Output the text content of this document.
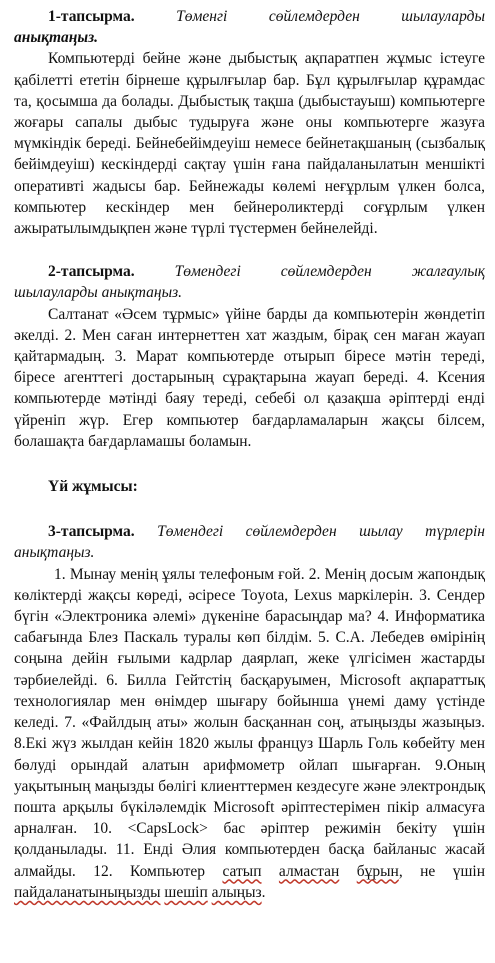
1-тапсырма.	Төменгі сөйлемдерден шылауларды
анықтаңыз.

Компьютерді бейне және дыбыстық ақпаратпен жұмыс істеуге қабілетті ететін бірнеше құрылғылар бар. Бұл құрылғылар құрамдас та, қосымша да болады. Дыбыстық тақша (дыбыстауыш) компьютерге жоғары сапалы дыбыс тудыруға және оны компьютерге жазуға мүмкіндік береді. Бейнебейімдеуіш немесе бейнетақшаның (сызбалық бейімдеуіш) кескіндерді сақтау үшін ғана пайдаланылатын меншікті оперативті жадысы бар. Бейнежады көлемі неғұрлым үлкен болса, компьютер кескіндер мен бейнероликтерді соғұрлым үлкен ажыратылымдықпен және түрлі түстермен бейнелейді.

2-тапсырма.	Төмендегі сөйлемдерден жалғаулық
шылауларды анықтаңыз.

Салтанат «Әсем тұрмыс» үйіне барды да компьютерін жөндетіп әкелді. 2. Мен саған интернеттен хат жаздым, бірақ сен маған жауап қайтармадың. 3. Марат компьютерде отырып біресе мәтін тереді, біресе агенттегі достарының сұрақтарына жауап береді. 4. Ксения компьютерде мәтінді баяу тереді, себебі ол қазақша әріптерді енді үйреніп жүр. Егер компьютер бағдарламаларын жақсы білсем, болашақта бағдарламашы боламын.

Үй жұмысы:
3-тапсырма. Төмендегі сөйлемдерден шылау түрлерін
анықтаңыз.

1. Мынау менің ұялы телефоным ғой. 2. Менің досым жапондық көліктерді жақсы көреді, әсіресе Toyota, Lexus маркілерін. 3. Сендер бүгін «Электроника әлемі» дүкеніне барасыңдар ма? 4. Информатика сабағында Блез Паскаль туралы көп білдім. 5. С.А. Лебедев өмірінің соңына дейін ғылыми кадрлар даярлап, жеке үлгісімен жастарды тәрбиелейді. 6. Билла Гейтстің басқаруымен, Microsoft ақпараттық технологиялар мен өнімдер шығару бойынша үнемі даму үстінде келеді. 7. «Файлдың аты» жолын басқаннан соң, атыңызды жазыңыз. 8.Екі жүз жылдан кейін 1820 жылы француз Шарль Голь көбейту мен бөлуді орындай алатын арифмометр ойлап шығарған. 9.Оның уақытының маңызды бөлігі клиенттермен кездесуге және электрондық пошта арқылы бүкіләлемдік Microsoft әріптестерімен пікір алмасуға арналған. 10. <CapsLock> бас әріптер режимін бекіту үшін қолданылады. 11. Енді Әлия компьютерден басқа байланыс жасай алмайды. 12. Компьютер сатып алмастан бұрын, не үшін пайдаланатыныңызды шешіп алыңыз.
